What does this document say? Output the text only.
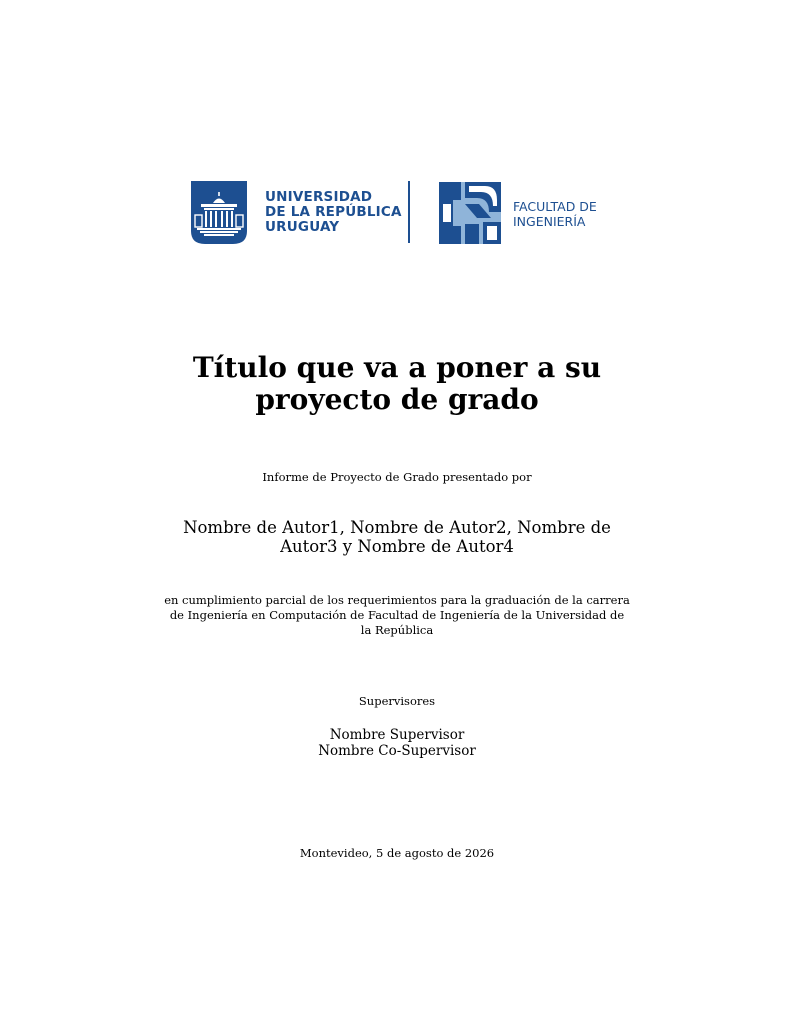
UNIVERSIDAD
DE LA REPÚBLICA
URUGUAY
FACULTAD DE
INGENIERÍA
Título que va a poner a su
proyecto de grado
Informe de Proyecto de Grado presentado por
Nombre de Autor1, Nombre de Autor2, Nombre de
Autor3 y Nombre de Autor4
en cumplimiento parcial de los requerimientos para la graduación de la carrera
de Ingeniería en Computación de Facultad de Ingeniería de la Universidad de
la República
Supervisores
Nombre Supervisor
Nombre Co-Supervisor
Montevideo, 5 de agosto de 2026
